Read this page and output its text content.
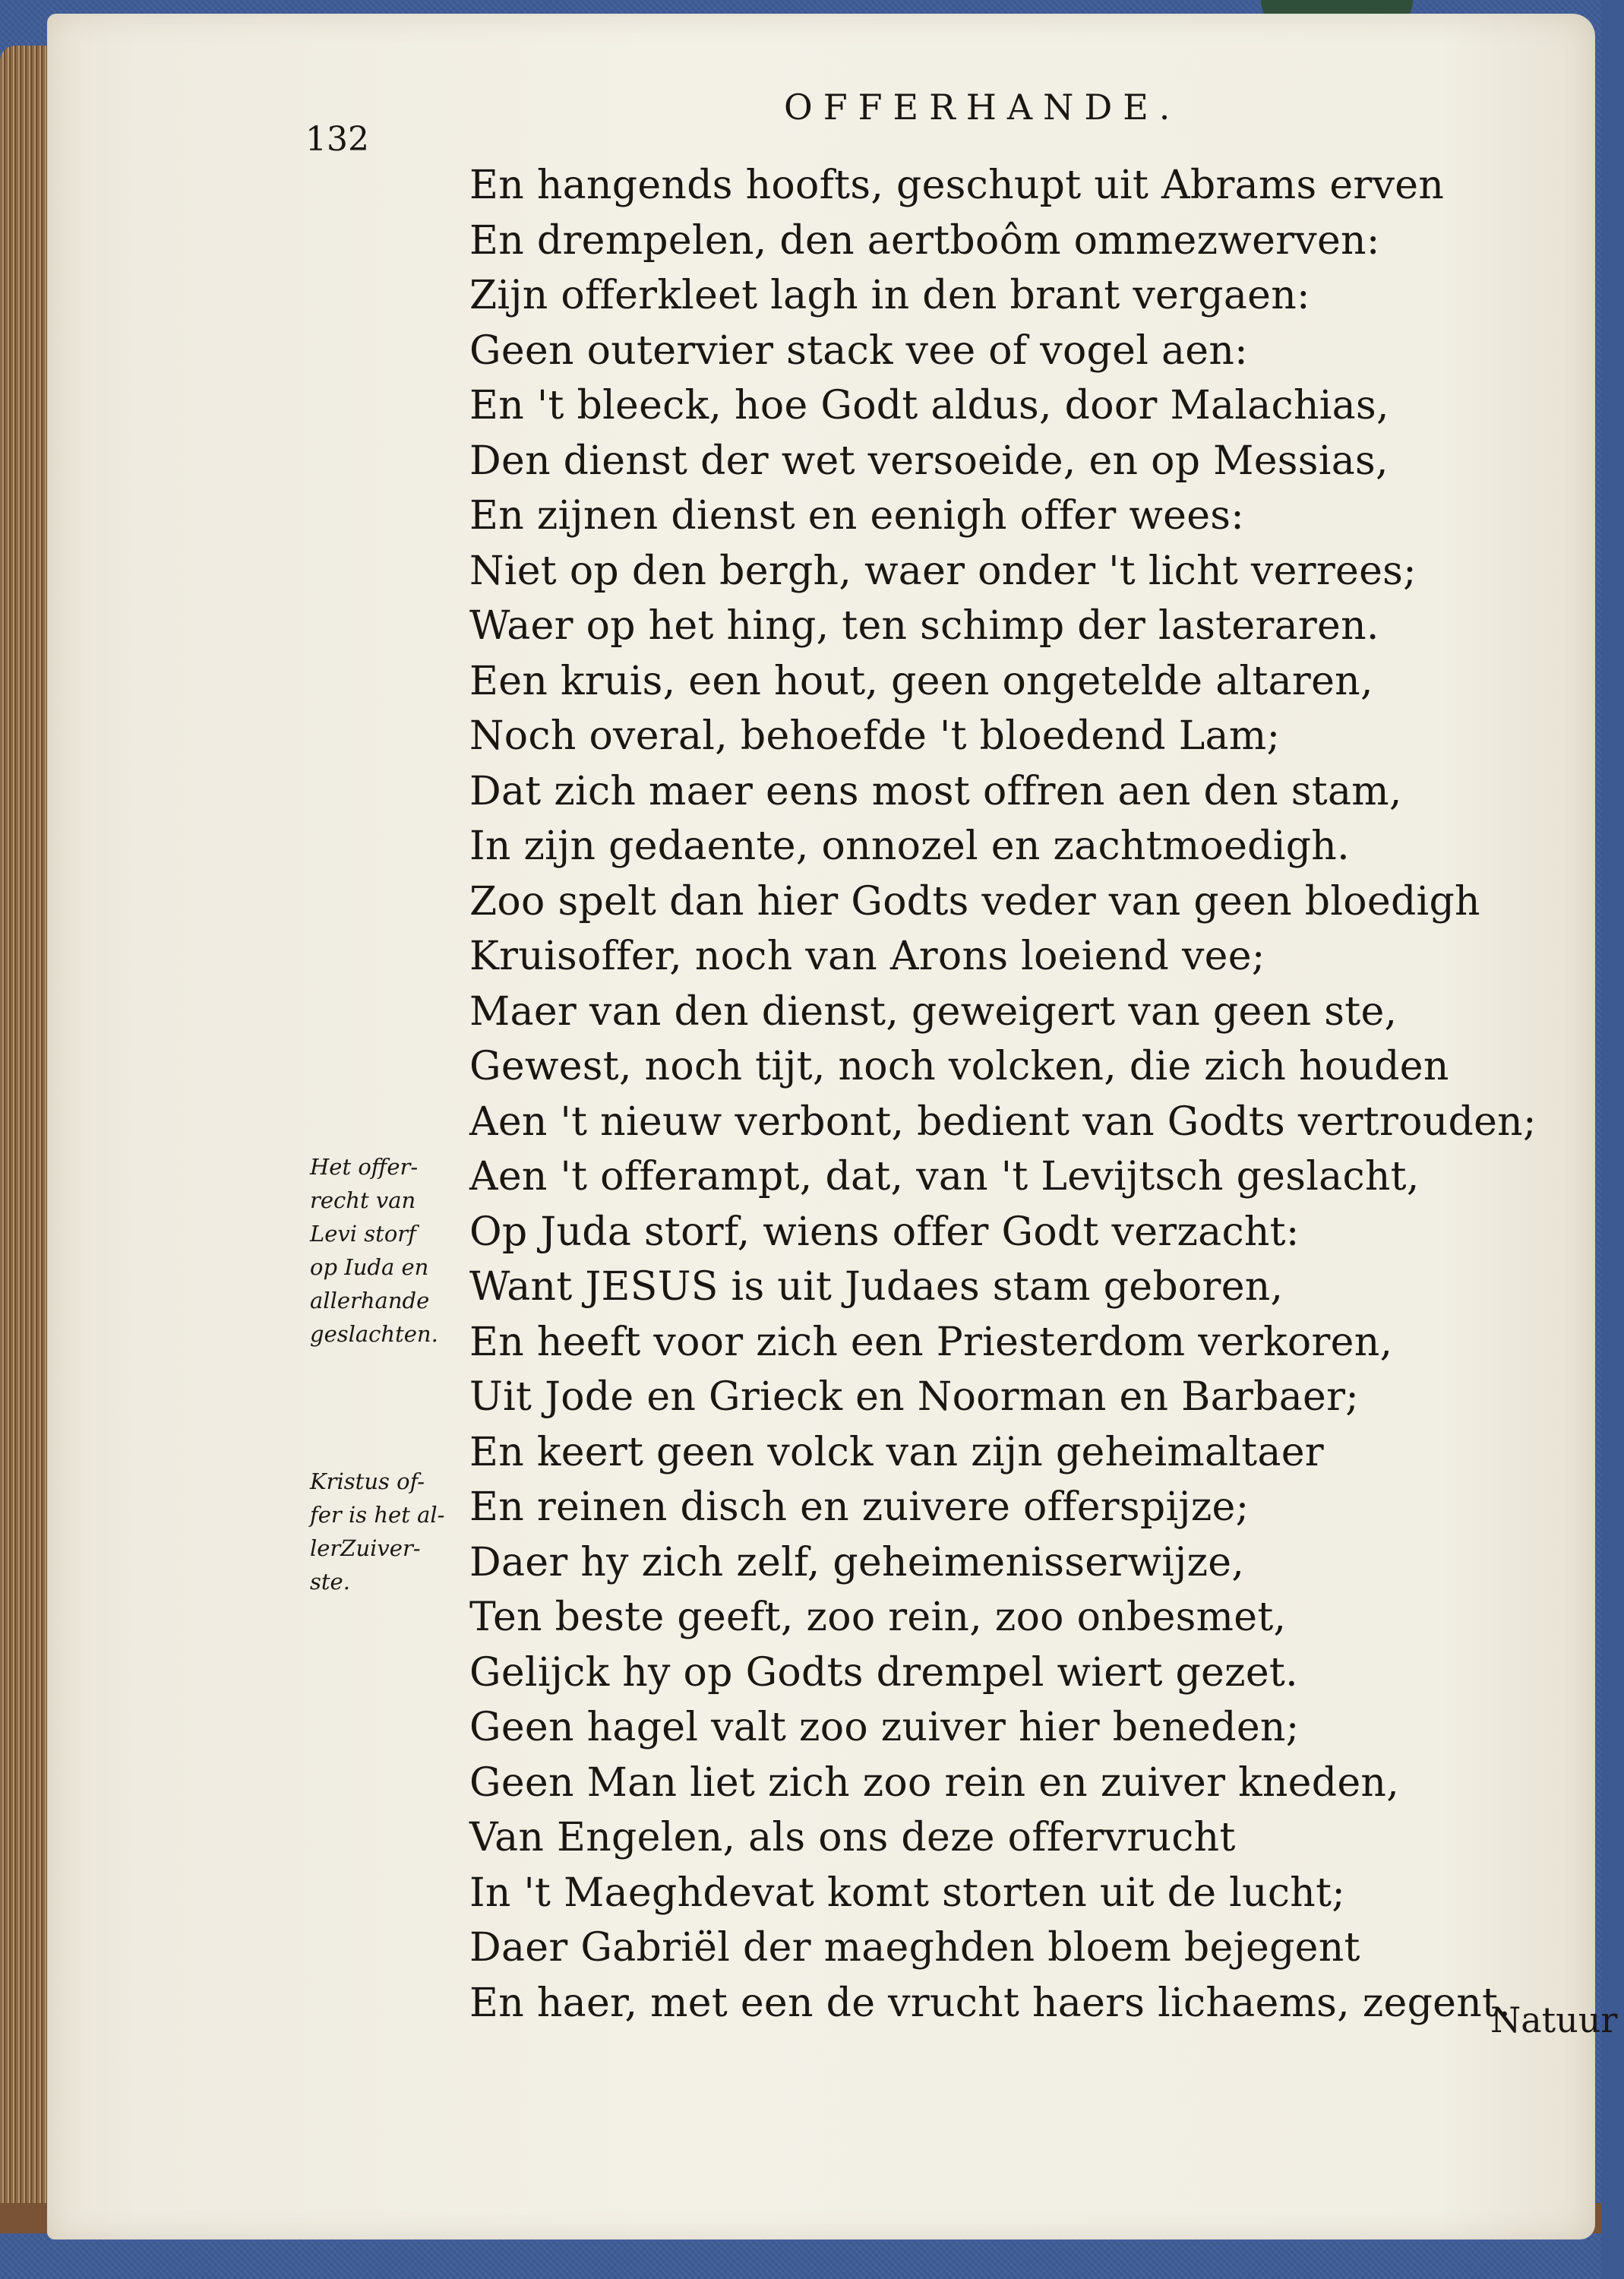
132
OFFERHANDE.
Het offer-
recht van
Levi storf
op Iuda en
allerhande
geslachten.
Kristus of-
fer is het al-
lerZuiver-
ste.
En hangends hoofts, geschupt uit Abrams erven
En drempelen, den aertboôm ommezwerven:
Zijn offerkleet lagh in den brant vergaen:
Geen outervier stack vee of vogel aen:
En 't bleeck, hoe Godt aldus, door Malachias,
Den dienst der wet versoeide, en op Messias,
En zijnen dienst en eenigh offer wees:
Niet op den bergh, waer onder 't licht verrees;
Waer op het hing, ten schimp der lasteraren.
Een kruis, een hout, geen ongetelde altaren,
Noch overal, behoefde 't bloedend Lam;
Dat zich maer eens most offren aen den stam,
In zijn gedaente, onnozel en zachtmoedigh.
Zoo spelt dan hier Godts veder van geen bloedigh
Kruisoffer, noch van Arons loeiend vee;
Maer van den dienst, geweigert van geen ste,
Gewest, noch tijt, noch volcken, die zich houden
Aen 't nieuw verbont, bedient van Godts vertrouden;
Aen 't offerampt, dat, van 't Levijtsch geslacht,
Op Juda storf, wiens offer Godt verzacht:
Want JESUS is uit Judaes stam geboren,
En heeft voor zich een Priesterdom verkoren,
Uit Jode en Grieck en Noorman en Barbaer;
En keert geen volck van zijn geheimaltaer
En reinen disch en zuivere offerspijze;
Daer hy zich zelf, geheimenisserwijze,
Ten beste geeft, zoo rein, zoo onbesmet,
Gelijck hy op Godts drempel wiert gezet.
Geen hagel valt zoo zuiver hier beneden;
Geen Man liet zich zoo rein en zuiver kneden,
Van Engelen, als ons deze offervrucht
In 't Maeghdevat komt storten uit de lucht;
Daer Gabriël der maeghden bloem bejegent
En haer, met een de vrucht haers lichaems, zegent.
Natuur
